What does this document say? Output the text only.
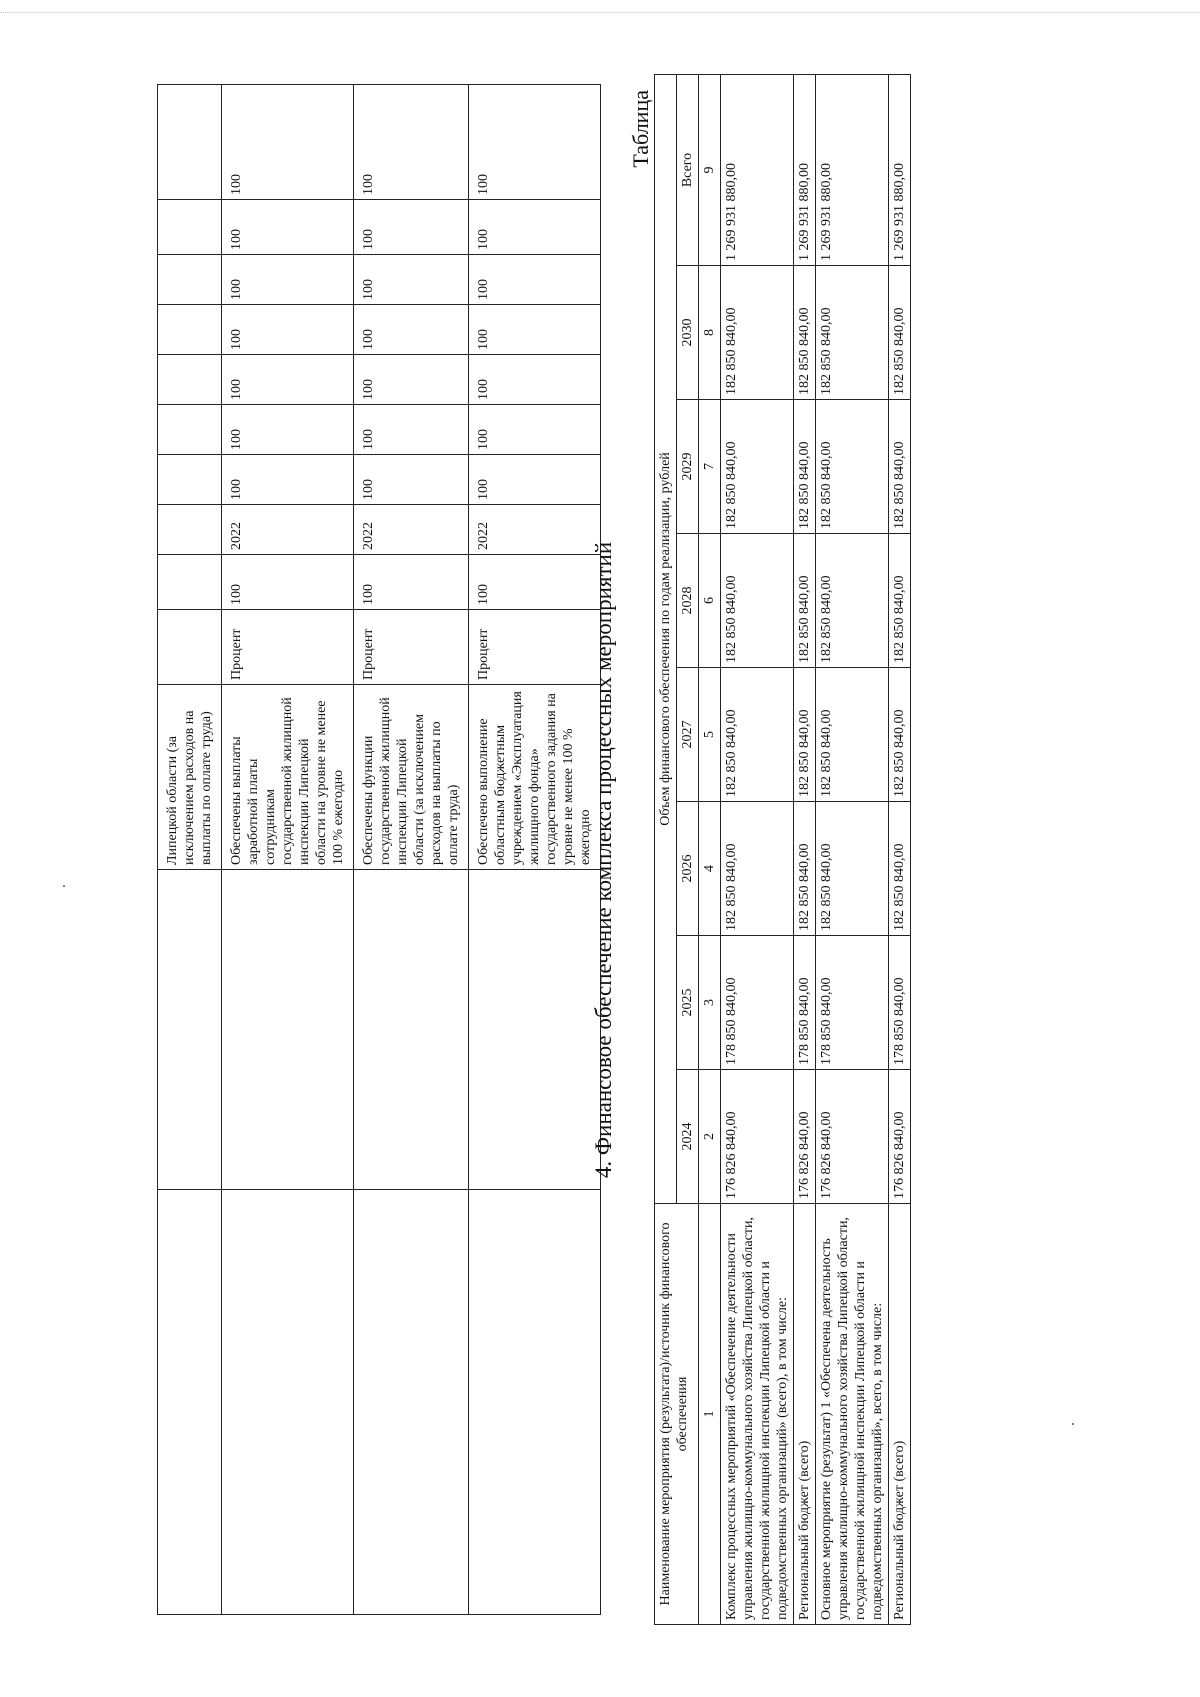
		Липецкой области (за исключением расходов на выплаты по оплате труда)											
		Обеспечены выплаты заработной платы сотрудникам государственной жилищной инспекции Липецкой области на уровне не менее 100 % ежегодно	Процент	100	2022	100	100	100	100	100	100	100	
		Обеспечены функции государственной жилищной инспекции Липецкой области (за исключением расходов на выплаты по оплате труда)	Процент	100	2022	100	100	100	100	100	100	100	
		Обеспечено выполнение областным бюджетным учреждением «Эксплуатация жилищного фонда» государственного задания на уровне не менее 100 % ежегодно	Процент	100	2022	100	100	100	100	100	100	100	
4. Финансовое обеспечение комплекса процессных мероприятий
Таблица
Наименование мероприятия (результата)/источник финансового обеспечения	Объем финансового обеспечения по годам реализации, рублей							
	2024	2025	2026	2027	2028	2029	2030	Всего
1	2	3	4	5	6	7	8	9
Комплекс процессных мероприятий «Обеспечение деятельности управления жилищно-коммунального хозяйства Липецкой области, государственной жилищной инспекции Липецкой области и подведомственных организаций» (всего), в том числе:	176 826 840,00	178 850 840,00	182 850 840,00	182 850 840,00	182 850 840,00	182 850 840,00	182 850 840,00	1 269 931 880,00
Региональный бюджет (всего)	176 826 840,00	178 850 840,00	182 850 840,00	182 850 840,00	182 850 840,00	182 850 840,00	182 850 840,00	1 269 931 880,00
Основное мероприятие (результат) 1 «Обеспечена деятельность управления жилищно-коммунального хозяйства Липецкой области, государственной жилищной инспекции Липецкой области и подведомственных организаций», всего, в том числе:	176 826 840,00	178 850 840,00	182 850 840,00	182 850 840,00	182 850 840,00	182 850 840,00	182 850 840,00	1 269 931 880,00
Региональный бюджет (всего)	176 826 840,00	178 850 840,00	182 850 840,00	182 850 840,00	182 850 840,00	182 850 840,00	182 850 840,00	1 269 931 880,00
